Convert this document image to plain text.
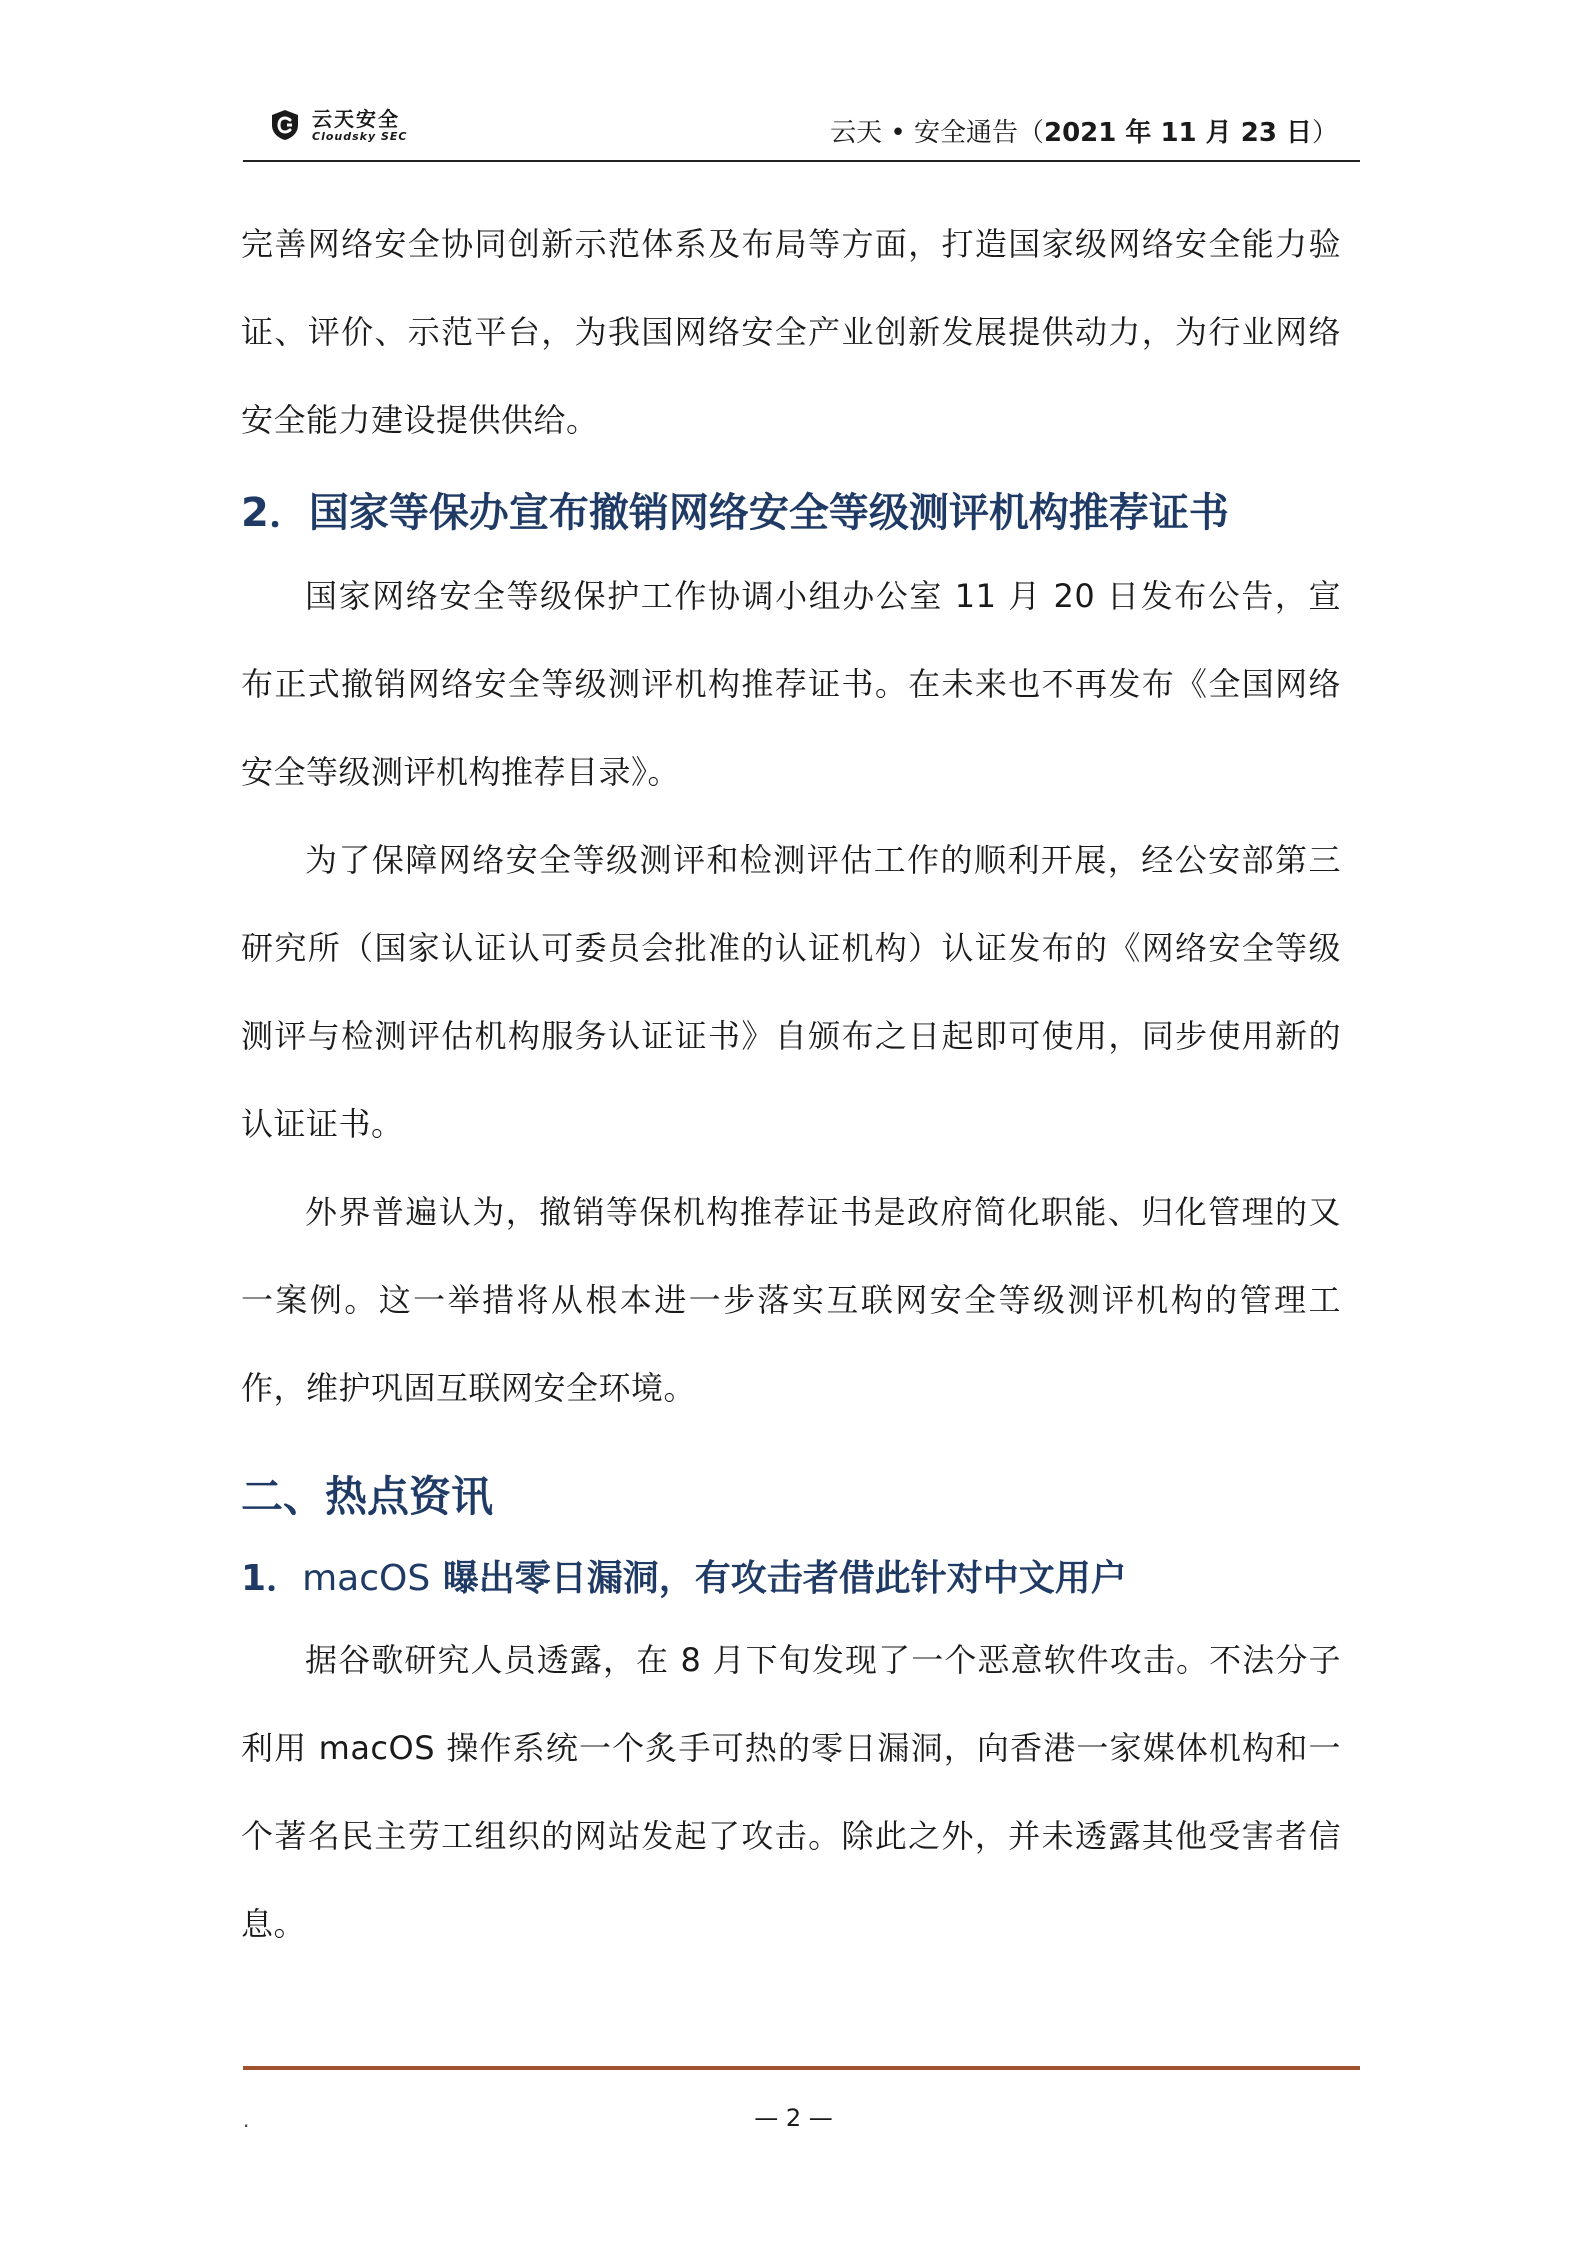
云天安全
Cloudsky SEC	云天 • 安全通告（2021 年 11 月 23 日）

完善网络安全协同创新示范体系及布局等方面，打造国家级网络安全能力验证、评价、示范平台，为我国网络安全产业创新发展提供动力，为行业网络安全能力建设提供供给。

2．国家等保办宣布撤销网络安全等级测评机构推荐证书

国家网络安全等级保护工作协调小组办公室 11 月 20 日发布公告，宣布正式撤销网络安全等级测评机构推荐证书。在未来也不再发布《全国网络安全等级测评机构推荐目录》。

为了保障网络安全等级测评和检测评估工作的顺利开展，经公安部第三研究所（国家认证认可委员会批准的认证机构）认证发布的《网络安全等级测评与检测评估机构服务认证证书》自颁布之日起即可使用，同步使用新的认证证书。

外界普遍认为，撤销等保机构推荐证书是政府简化职能、归化管理的又一案例。这一举措将从根本进一步落实互联网安全等级测评机构的管理工作，维护巩固互联网安全环境。

二、热点资讯
1．macOS 曝出零日漏洞，有攻击者借此针对中文用户

据谷歌研究人员透露，在 8 月下旬发现了一个恶意软件攻击。不法分子利用 macOS 操作系统一个炙手可热的零日漏洞，向香港一家媒体机构和一个著名民主劳工组织的网站发起了攻击。除此之外，并未透露其他受害者信息。

.	— 2 —
